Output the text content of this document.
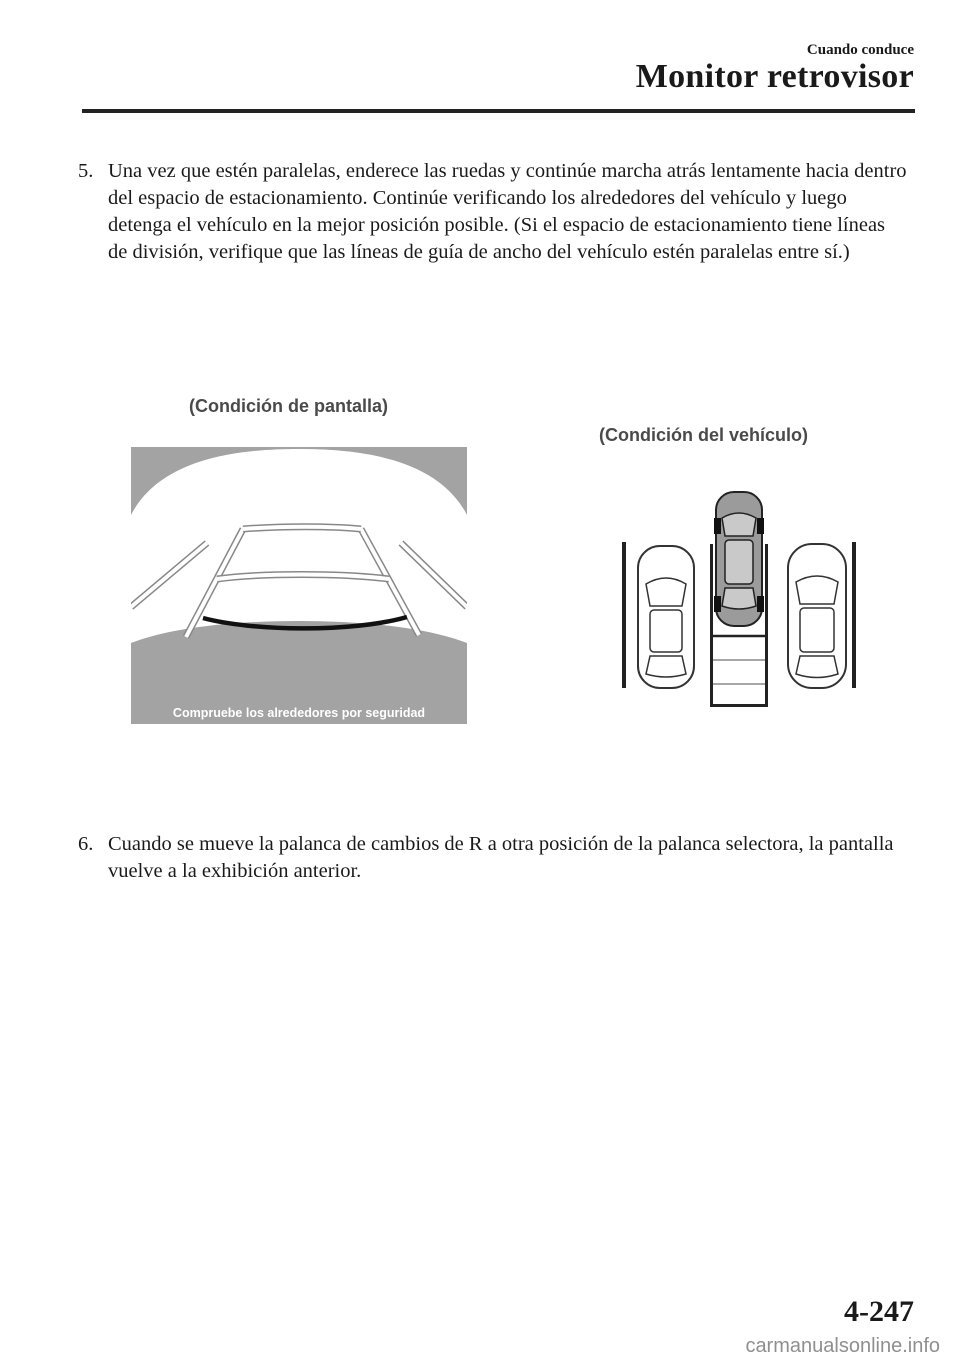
Cuando conduce
Monitor retrovisor
5. Una vez que estén paralelas, enderece las ruedas y continúe marcha atrás lentamente hacia dentro del espacio de estacionamiento. Continúe verificando los alrededores del vehículo y luego detenga el vehículo en la mejor posición posible. (Si el espacio de estacionamiento tiene líneas de división, verifique que las líneas de guía de ancho del vehículo estén paralelas entre sí.)
(Condición de pantalla)
(Condición del vehículo)
Compruebe los alrededores por seguridad
6. Cuando se mueve la palanca de cambios de R a otra posición de la palanca selectora, la pantalla vuelve a la exhibición anterior.
4-247
carmanualsonline.info
